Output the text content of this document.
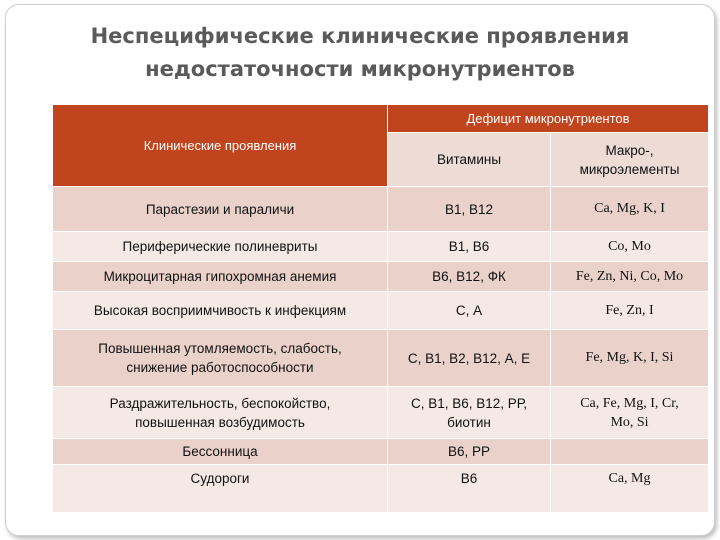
Неспецифические клинические проявления
недостаточности микронутриентов
Клинические проявления	Дефицит микронутриентов	
	Витамины	Макро-,
микроэлементы

Парастезии и параличи	В1, В12	Ca, Mg, K, I
Периферические полиневриты	В1, В6	Co, Mo
Микроцитарная гипохромная анемия	В6, В12, ФК	Fe, Zn, Ni, Co, Mo
Высокая восприимчивость к инфекциям	С, А	Fe, Zn, I

Повышенная утомляемость, слабость,
снижение работоспособности	С, В1, В2, В12, А, Е	Fe, Mg, K, I, Si

Раздражительность, беспокойство,
повышенная возбудимость	С, В1, В6, В12, РР,
биотин	Ca, Fe, Mg, I, Cr,
Mo, Si

Бессонница	В6, РР	
Судороги	В6	Ca, Mg
